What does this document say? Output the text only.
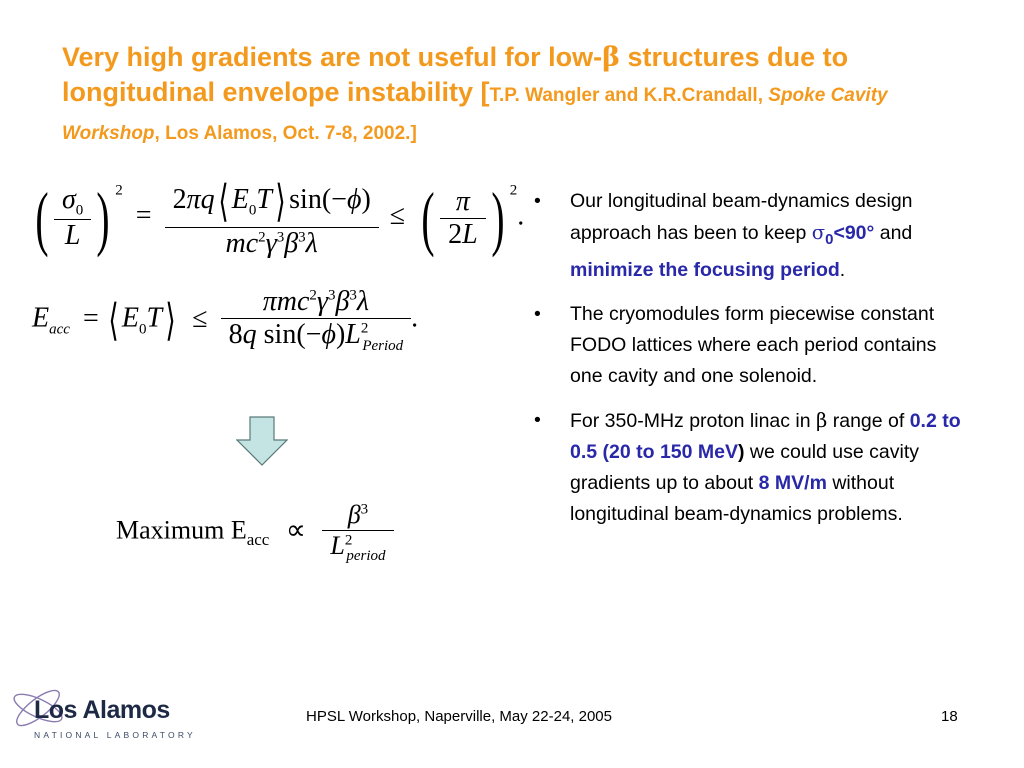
Very high gradients are not useful for low-β structures due to longitudinal envelope instability [T.P. Wangler and K.R.Crandall, Spoke Cavity Workshop, Los Alamos, Oct. 7-8, 2002.]
( $\frac{\sigma_0}{L}$ ) $^2 = \frac{2\pi q⟨ E_0T⟩ \sin(-\phi)}{mc^2\gamma^3\beta^3\lambda}$ ≤ ( $\frac{\pi}{2L}$ ) $^2$.
$E_{acc}$ = ⟨ $E_0T⟩ \le \frac{\pi mc^2\gamma^3\beta^3\lambda}{8q \sin(-\phi)L^2_{Period}}$ .
Maximum $E_{acc} \propto \frac{\beta^3}{L^2_{period}}$
• Our longitudinal beam-dynamics design approach has been to keep $\sigma_0<90^\circ$ and minimize the focusing period.
• The cryomodules form piecewise constant FODO lattices where each period contains one cavity and one solenoid.
• For 350-MHz proton linac in β range of 0.2 to 0.5 (20 to 150 MeV) we could use cavity gradients up to about 8 MV/m without longitudinal beam-dynamics problems.
Los Alamos
NATIONAL LABORATORY
HPSL Workshop, Naperville, May 22-24, 2005	18
